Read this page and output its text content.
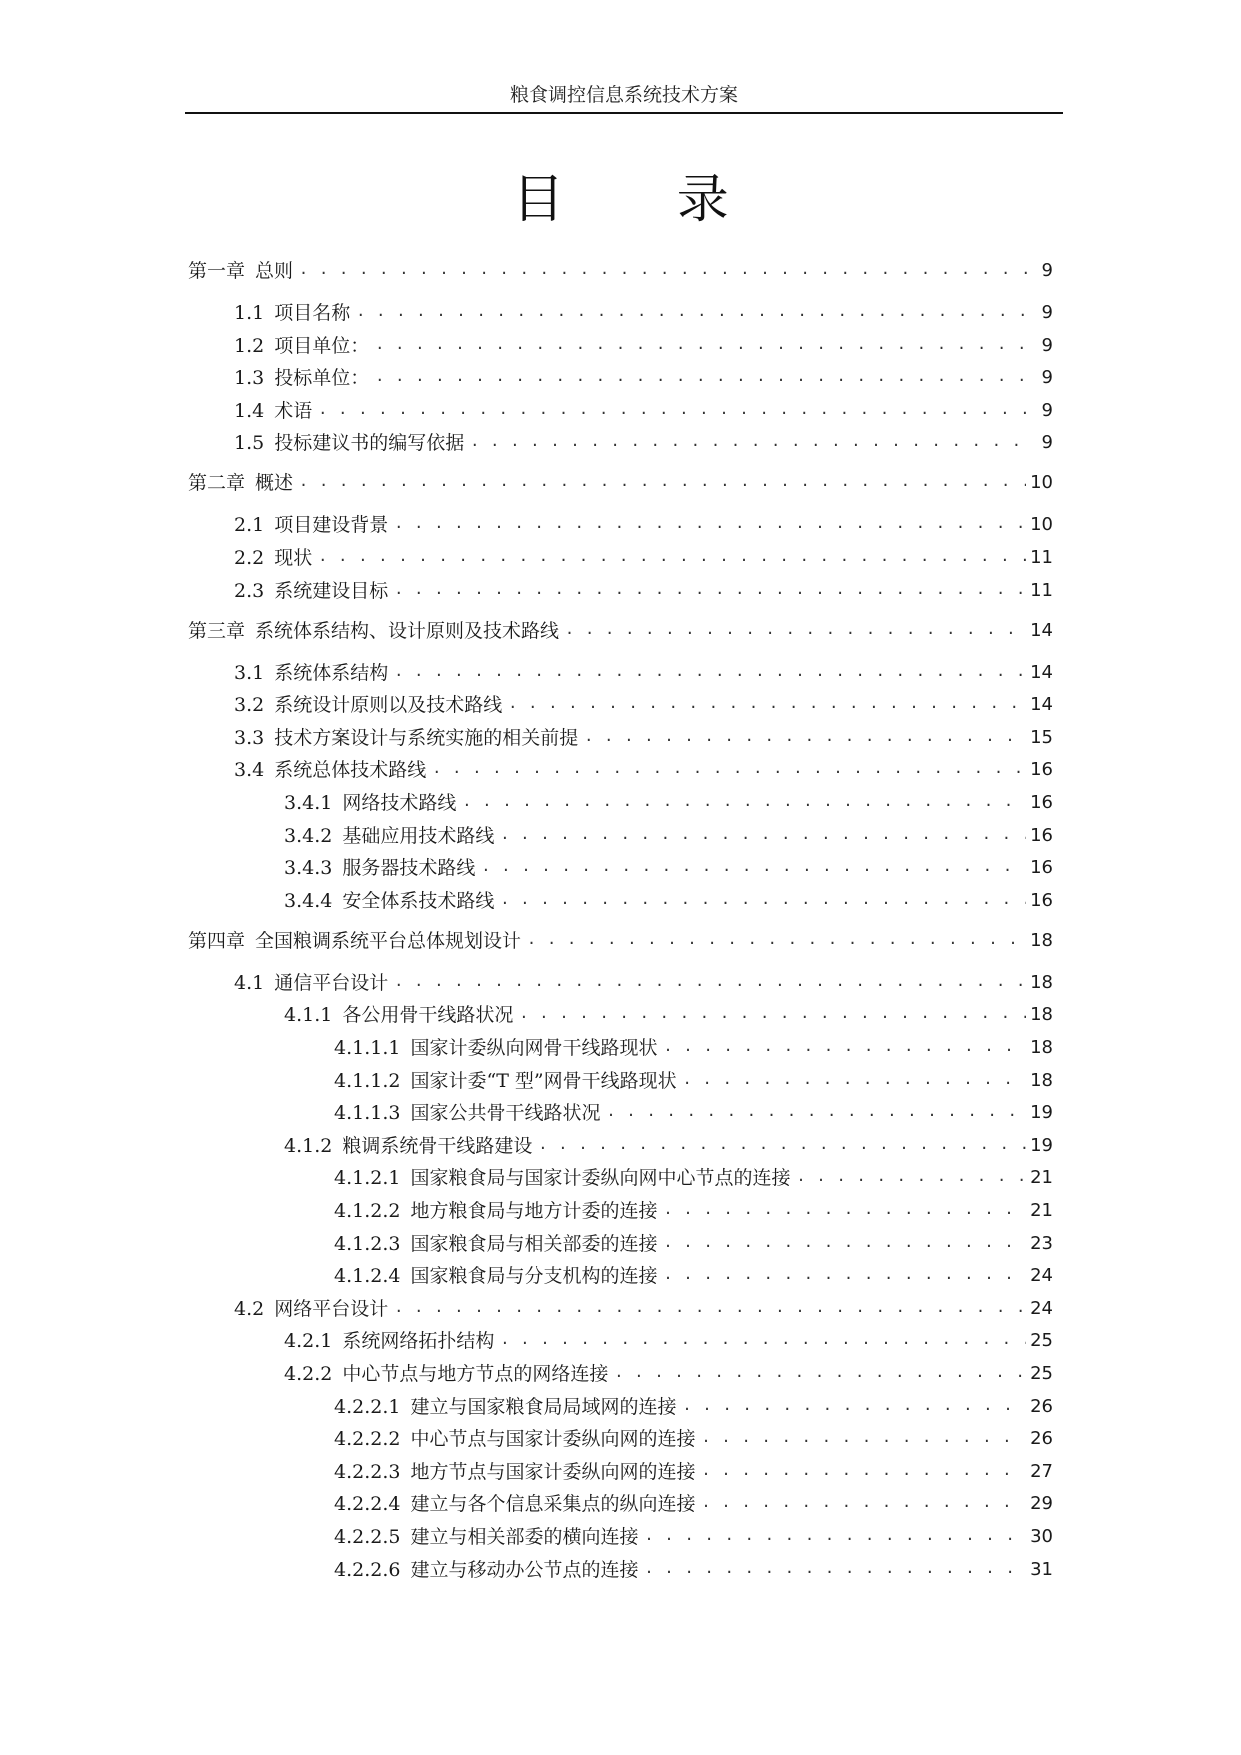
粮食调控信息系统技术方案
目 录
第一章 总则 . . .	9
1.1 项目名称 . . .	9
1.2 项目单位： . . .	9
1.3 投标单位： . . .	9
1.4 术语 . . .	9
1.5 投标建议书的编写依据 . . .	9
第二章 概述 . . .	10
2.1 项目建设背景 . . .	10
2.2 现状 . . .	11
2.3 系统建设目标 . . .	11
第三章 系统体系结构、设计原则及技术路线 . . .	14
3.1 系统体系结构 . . .	14
3.2 系统设计原则以及技术路线 . . .	14
3.3 技术方案设计与系统实施的相关前提 . . .	15
3.4 系统总体技术路线 . . .	16
3.4.1 网络技术路线 . . .	16
3.4.2 基础应用技术路线 . . .	16
3.4.3 服务器技术路线 . . .	16
3.4.4 安全体系技术路线 . . .	16
第四章 全国粮调系统平台总体规划设计 . . .	18
4.1 通信平台设计 . . .	18
4.1.1 各公用骨干线路状况 . . .	18
4.1.1.1 国家计委纵向网骨干线路现状 . . .	18
4.1.1.2 国家计委“T 型”网骨干线路现状 . . .	18
4.1.1.3 国家公共骨干线路状况 . . .	19
4.1.2 粮调系统骨干线路建设 . . .	19
4.1.2.1 国家粮食局与国家计委纵向网中心节点的连接 . . .	21
4.1.2.2 地方粮食局与地方计委的连接 . . .	21
4.1.2.3 国家粮食局与相关部委的连接 . . .	23
4.1.2.4 国家粮食局与分支机构的连接 . . .	24
4.2 网络平台设计 . . .	24
4.2.1 系统网络拓扑结构 . . .	25
4.2.2 中心节点与地方节点的网络连接 . . .	25
4.2.2.1 建立与国家粮食局局域网的连接 . . .	26
4.2.2.2 中心节点与国家计委纵向网的连接 . . .	26
4.2.2.3 地方节点与国家计委纵向网的连接 . . .	27
4.2.2.4 建立与各个信息采集点的纵向连接 . . .	29
4.2.2.5 建立与相关部委的横向连接 . . .	30
4.2.2.6 建立与移动办公节点的连接 . . .	31
